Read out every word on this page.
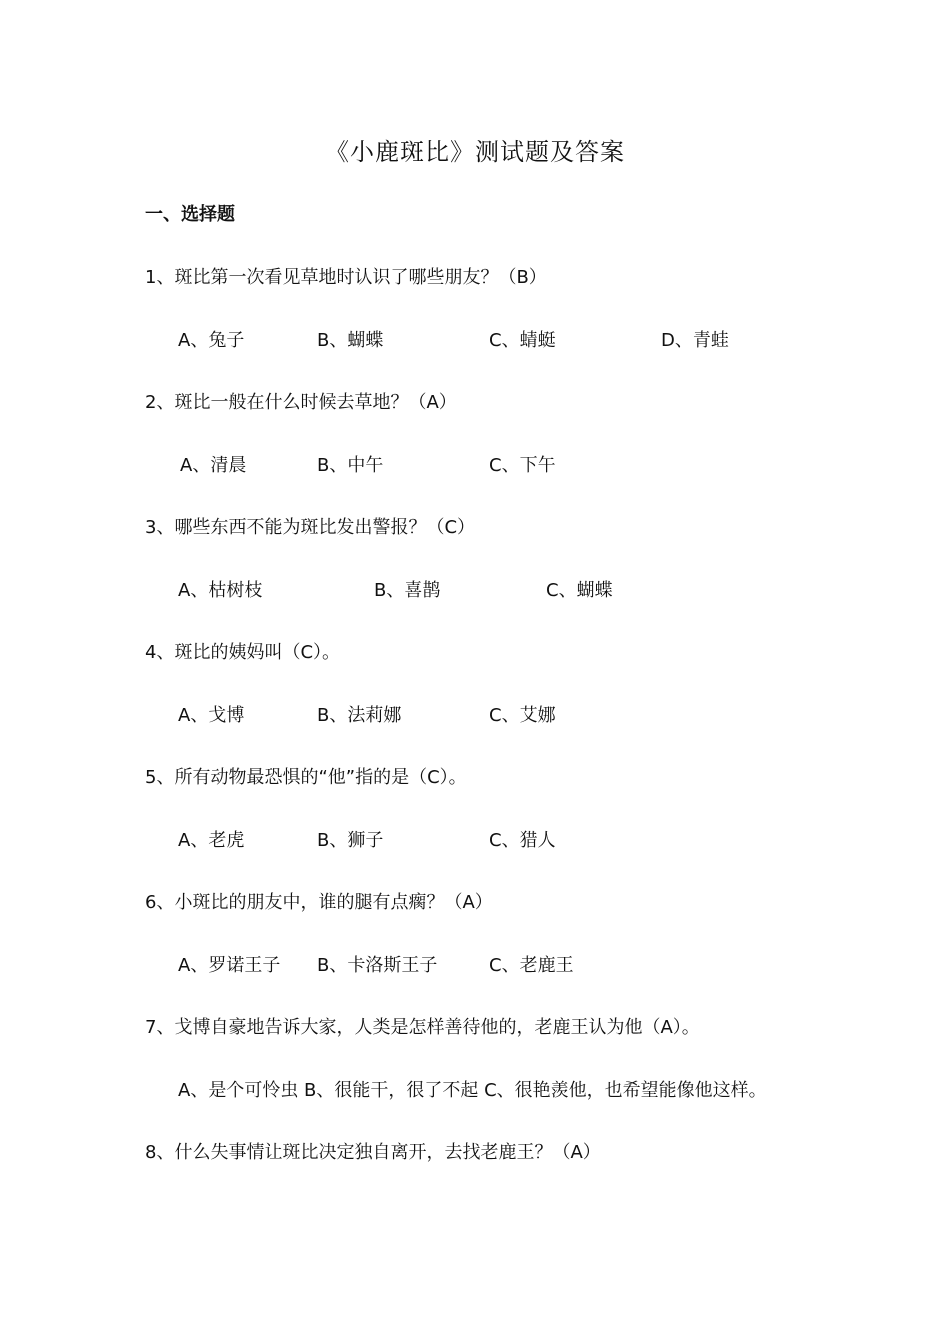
《小鹿斑比》测试题及答案
一、选择题
1、斑比第一次看见草地时认识了哪些朋友？（B）
A、兔子	B、蝴蝶	C、蜻蜓	D、青蛙
2、斑比一般在什么时候去草地？（A）
A、清晨	B、中午	C、下午
3、哪些东西不能为斑比发出警报？（C）
A、枯树枝	B、喜鹊	C、蝴蝶
4、斑比的姨妈叫（C）。
A、戈博	B、法莉娜	C、艾娜
5、所有动物最恐惧的“他”指的是（C）。
A、老虎	B、狮子	C、猎人
6、小斑比的朋友中，谁的腿有点瘸？（A）
A、罗诺王子 B、卡洛斯王子	C、老鹿王
7、戈博自豪地告诉大家，人类是怎样善待他的，老鹿王认为他（A）。
A、是个可怜虫 B、很能干，很了不起 C、很艳羡他，也希望能像他这样。
8、什么失事情让斑比决定独自离开，去找老鹿王？（A）
